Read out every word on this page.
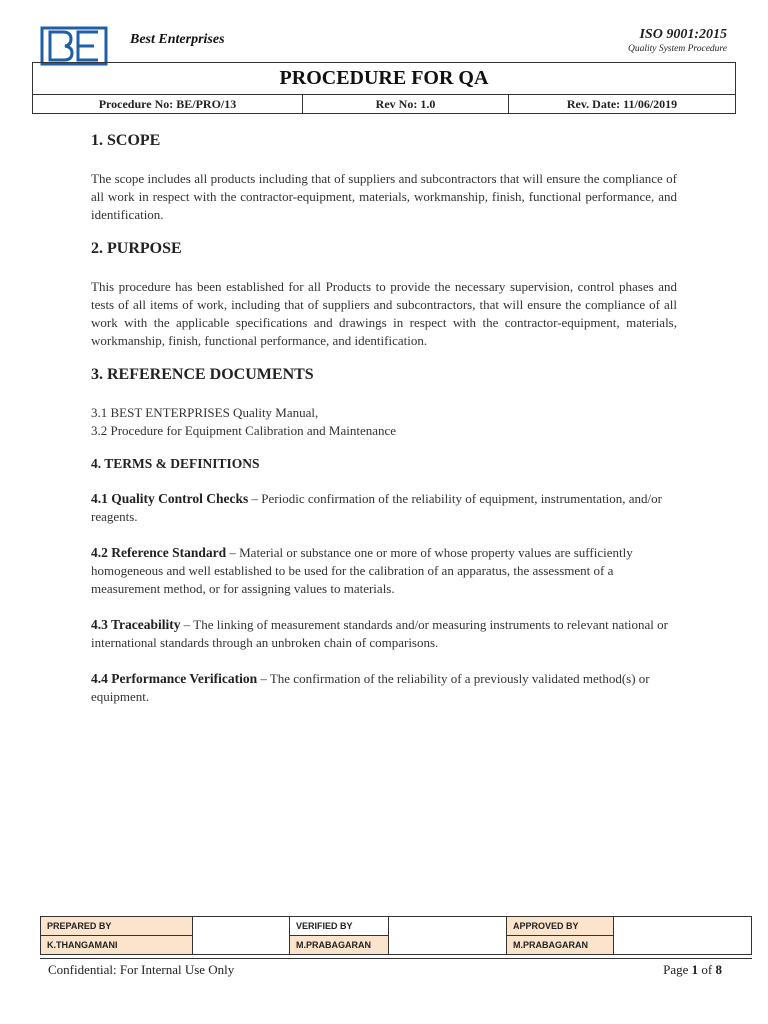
Best Enterprises	ISO 9001:2015
Quality System Procedure
PROCEDURE FOR QA
Procedure No: BE/PRO/13	Rev No: 1.0	Rev. Date: 11/06/2019
1. SCOPE
The scope includes all products including that of suppliers and subcontractors that will ensure the compliance of all work in respect with the contractor-equipment, materials, workmanship, finish, functional performance, and identification.
2. PURPOSE
This procedure has been established for all Products to provide the necessary supervision, control phases and tests of all items of work, including that of suppliers and subcontractors, that will ensure the compliance of all work with the applicable specifications and drawings in respect with the contractor-equipment, materials, workmanship, finish, functional performance, and identification.
3. REFERENCE DOCUMENTS
3.1 BEST ENTERPRISES Quality Manual,
3.2 Procedure for Equipment Calibration and Maintenance
4. TERMS & DEFINITIONS
4.1 Quality Control Checks – Periodic confirmation of the reliability of equipment, instrumentation, and/or reagents.
4.2 Reference Standard – Material or substance one or more of whose property values are sufficiently homogeneous and well established to be used for the calibration of an apparatus, the assessment of a measurement method, or for assigning values to materials.
4.3 Traceability – The linking of measurement standards and/or measuring instruments to relevant national or international standards through an unbroken chain of comparisons.
4.4 Performance Verification – The confirmation of the reliability of a previously validated method(s) or equipment.
PREPARED BY		VERIFIED BY		APPROVED BY	
K.THANGAMANI		M.PRABAGARAN		M.PRABAGARAN	
Confidential: For Internal Use Only	Page 1 of 8
